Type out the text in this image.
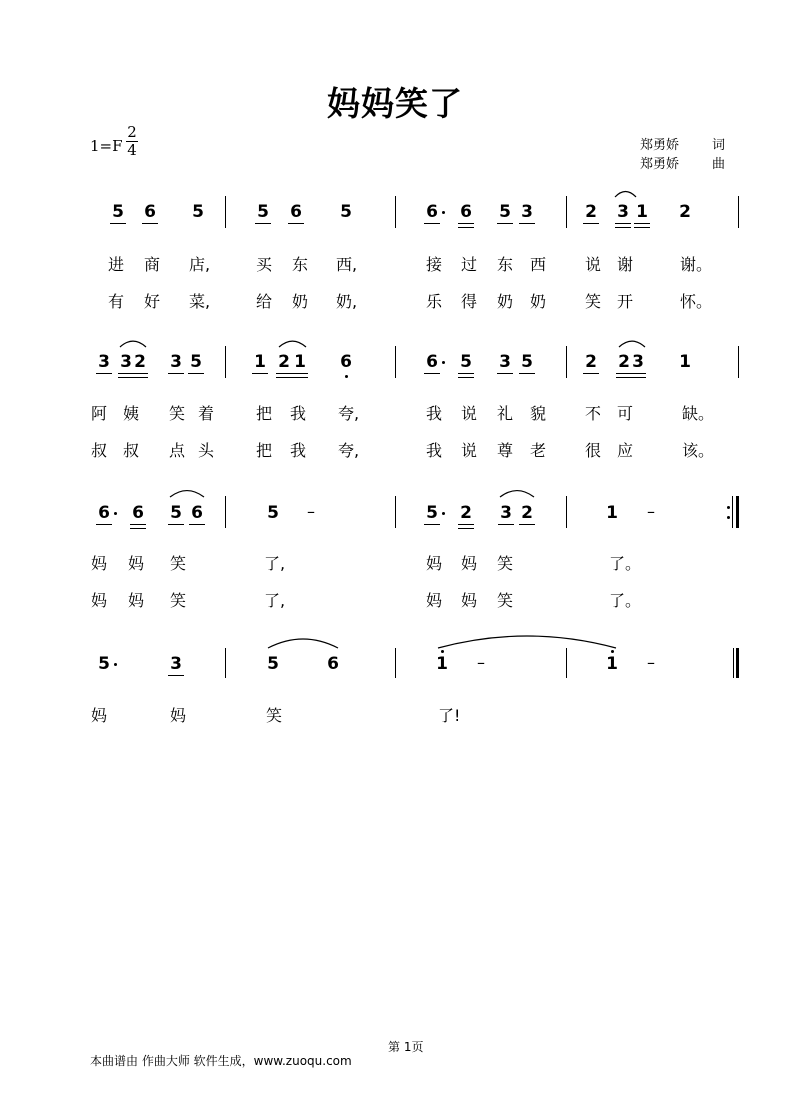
妈妈笑了
$1=F \frac{2}{4}$	郑勇娇	词
郑勇娇	曲
5 6 5	5 6 5	6 6 5 3	2 3 1 2
进 商 店,	买 东 西,	接 过 东 西 说 谢	谢。
有 好 菜,	给 奶 奶,	乐 得 奶 奶 笑 开	怀。
3 3 2 3 5	1 2 1 6	6 5 3 5	2 2 3 1
阿 姨 笑 着	把 我 夸,	我 说 礼 貌 不 可	缺。
叔 叔 点 头	把 我 夸,	我 说 尊 老 很 应	该。
6 6 5 6	5 –	5 2 3 2	1 –
妈 妈 笑	了,	妈 妈 笑	了。
妈 妈 笑	了,	妈 妈 笑	了。
5	3	5	6	1 –	1 –
妈	妈	笑	了!
第 1页
本曲谱由 作曲大师 软件生成，www.zuoqu.com
